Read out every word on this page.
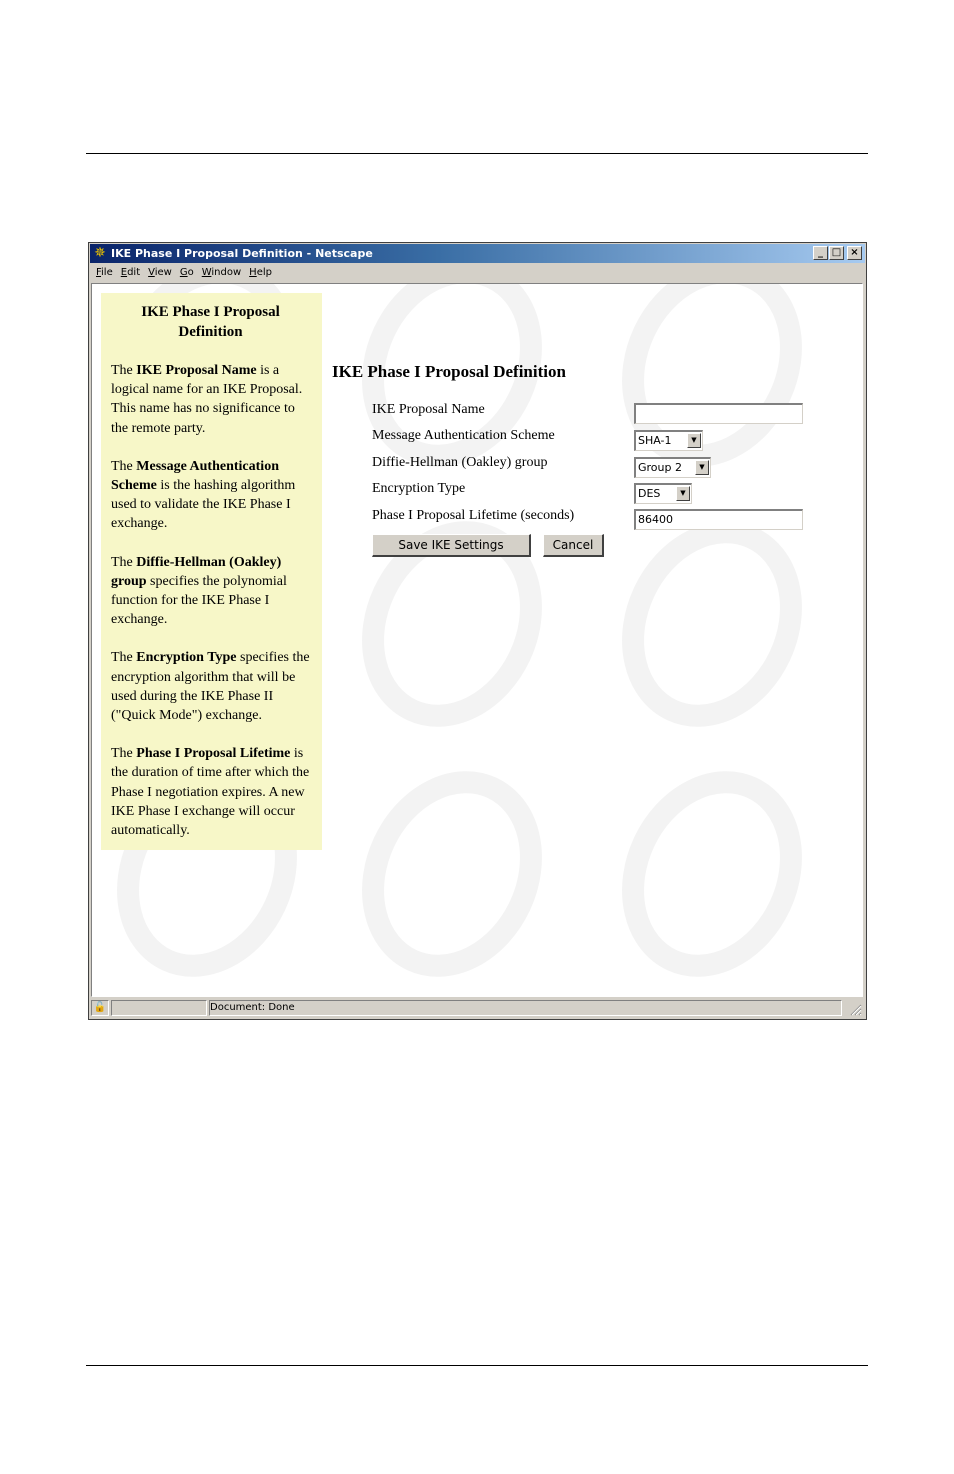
✵ IKE Phase I Proposal Definition - Netscape	_ □ ×
File Edit View Go Window Help
IKE Phase I Proposal Definition

The IKE Proposal Name is a logical name for an IKE Proposal. This name has no significance to the remote party.

The Message Authentication Scheme is the hashing algorithm used to validate the IKE Phase I exchange.

The Diffie-Hellman (Oakley) group specifies the polynomial function for the IKE Phase I exchange.

The Encryption Type specifies the encryption algorithm that will be used during the IKE Phase II ("Quick Mode") exchange.

The Phase I Proposal Lifetime is the duration of time after which the Phase I negotiation expires. A new IKE Phase I exchange will occur automatically.

IKE Phase I Proposal Definition
IKE Proposal Name
Message Authentication Scheme	SHA-1	▼
Diffie-Hellman (Oakley) group	Group 2	▼
Encryption Type	DES	▼
Phase I Proposal Lifetime (seconds)	86400
Save IKE Settings	Cancel
🔓	Document: Done
